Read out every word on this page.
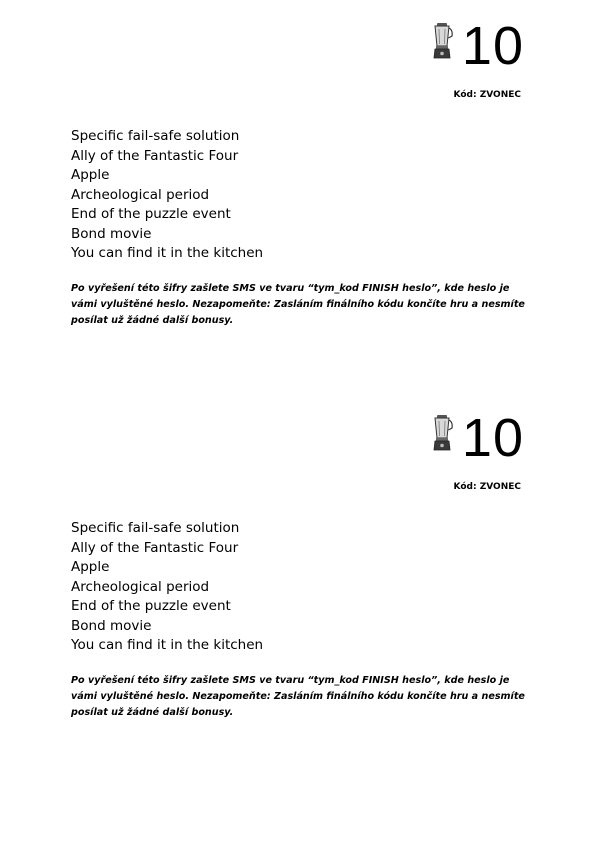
10
Kód: ZVONEC
Specific fail-safe solution
Ally of the Fantastic Four
Apple
Archeological period
End of the puzzle event
Bond movie
You can find it in the kitchen

Po vyřešení této šifry zašlete SMS ve tvaru “tym_kod FINISH heslo”, kde heslo je vámi vyluštěné heslo. Nezapomeňte: Zasláním finálního kódu končíte hru a nesmíte posílat už žádné další bonusy.

10
Kód: ZVONEC
Specific fail-safe solution
Ally of the Fantastic Four
Apple
Archeological period
End of the puzzle event
Bond movie
You can find it in the kitchen

Po vyřešení této šifry zašlete SMS ve tvaru “tym_kod FINISH heslo”, kde heslo je vámi vyluštěné heslo. Nezapomeňte: Zasláním finálního kódu končíte hru a nesmíte posílat už žádné další bonusy.
